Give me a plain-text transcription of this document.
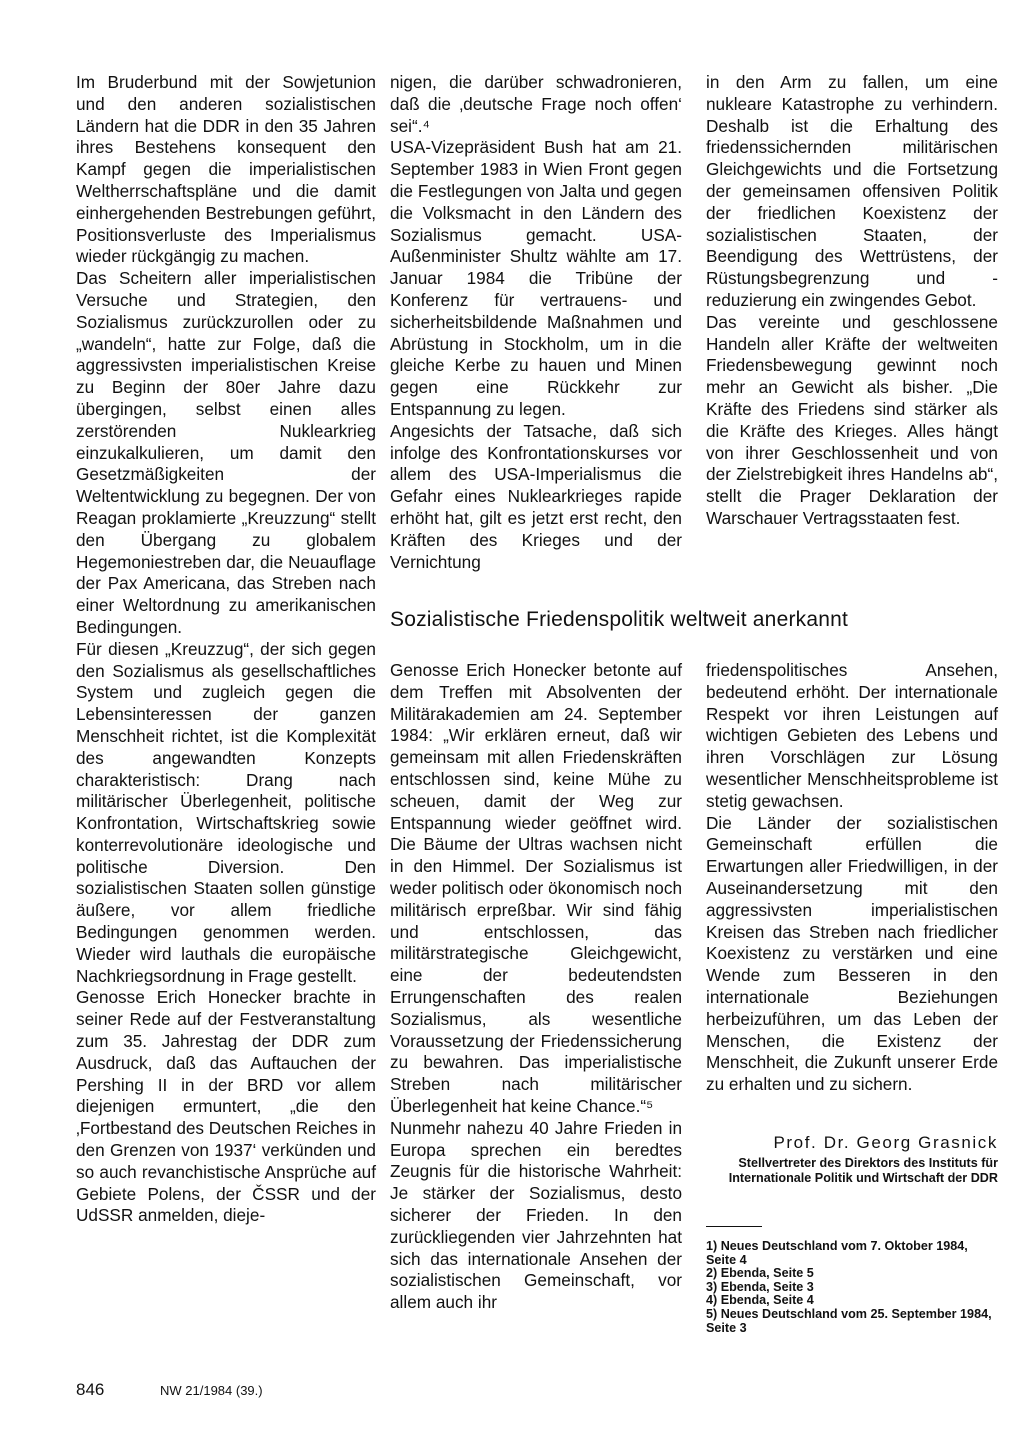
Im Bruderbund mit der Sowjetunion und den anderen sozialistischen Ländern hat die DDR in den 35 Jahren ihres Bestehens konsequent den Kampf gegen die imperialistischen Weltherrschaftspläne und die damit einhergehenden Bestrebungen geführt, Positionsverluste des Imperialismus wieder rückgängig zu machen.

Das Scheitern aller imperialistischen Versuche und Strategien, den Sozialismus zurückzurollen oder zu „wandeln“, hatte zur Folge, daß die aggressivsten imperialistischen Kreise zu Beginn der 80er Jahre dazu übergingen, selbst einen alles zerstörenden Nuklearkrieg einzukalkulieren, um damit den Gesetzmäßigkeiten der Weltentwicklung zu begegnen. Der von Reagan proklamierte „Kreuzzung“ stellt den Übergang zu globalem Hegemoniestreben dar, die Neuauflage der Pax Americana, das Streben nach einer Weltordnung zu amerikanischen Bedingungen.

Für diesen „Kreuzzug“, der sich gegen den Sozialismus als gesellschaftliches System und zugleich gegen die Lebensinteressen der ganzen Menschheit richtet, ist die Komplexität des angewandten Konzepts charakteristisch: Drang nach militärischer Überlegenheit, politische Konfrontation, Wirtschaftskrieg sowie konterrevolutionäre ideologische und politische Diversion. Den sozialistischen Staaten sollen günstige äußere, vor allem friedliche Bedingungen genommen werden. Wieder wird lauthals die europäische Nachkriegsordnung in Frage gestellt.

Genosse Erich Honecker brachte in seiner Rede auf der Festveranstaltung zum 35. Jahrestag der DDR zum Ausdruck, daß das Auftauchen der Pershing II in der BRD vor allem diejenigen ermuntert, „die den ‚Fortbestand des Deutschen Reiches in den Grenzen von 1937‘ verkünden und so auch revanchistische Ansprüche auf Gebiete Polens, der ČSSR und der UdSSR anmelden, dieje-

nigen, die darüber schwadronieren, daß die ‚deutsche Frage noch offen‘ sei“.⁴

USA-Vizepräsident Bush hat am 21. September 1983 in Wien Front gegen die Festlegungen von Jalta und gegen die Volksmacht in den Ländern des Sozialismus gemacht. USA-Außenminister Shultz wählte am 17. Januar 1984 die Tribüne der Konferenz für vertrauens- und sicherheitsbildende Maßnahmen und Abrüstung in Stockholm, um in die gleiche Kerbe zu hauen und Minen gegen eine Rückkehr zur Entspannung zu legen.

Angesichts der Tatsache, daß sich infolge des Konfrontationskurses vor allem des USA-Imperialismus die Gefahr eines Nuklearkrieges rapide erhöht hat, gilt es jetzt erst recht, den Kräften des Krieges und der Vernichtung

in den Arm zu fallen, um eine nukleare Katastrophe zu verhindern. Deshalb ist die Erhaltung des friedenssichernden militärischen Gleichgewichts und die Fortsetzung der gemeinsamen offensiven Politik der friedlichen Koexistenz der sozialistischen Staaten, der Beendigung des Wettrüstens, der Rüstungsbegrenzung und -reduzierung ein zwingendes Gebot.

Das vereinte und geschlossene Handeln aller Kräfte der weltweiten Friedensbewegung gewinnt noch mehr an Gewicht als bisher. „Die Kräfte des Friedens sind stärker als die Kräfte des Krieges. Alles hängt von ihrer Geschlossenheit und von der Zielstrebigkeit ihres Handelns ab“, stellt die Prager Deklaration der Warschauer Vertragsstaaten fest.

Sozialistische Friedenspolitik weltweit anerkannt

Genosse Erich Honecker betonte auf dem Treffen mit Absolventen der Militärakademien am 24. September 1984: „Wir erklären erneut, daß wir gemeinsam mit allen Friedenskräften entschlossen sind, keine Mühe zu scheuen, damit der Weg zur Entspannung wieder geöffnet wird. Die Bäume der Ultras wachsen nicht in den Himmel. Der Sozialismus ist weder politisch oder ökonomisch noch militärisch erpreßbar. Wir sind fähig und entschlossen, das militärstrategische Gleichgewicht, eine der bedeutendsten Errungenschaften des realen Sozialismus, als wesentliche Voraussetzung der Friedenssicherung zu bewahren. Das imperialistische Streben nach militärischer Überlegenheit hat keine Chance.“⁵

Nunmehr nahezu 40 Jahre Frieden in Europa sprechen ein beredtes Zeugnis für die historische Wahrheit: Je stärker der Sozialismus, desto sicherer der Frieden. In den zurückliegenden vier Jahrzehnten hat sich das internationale Ansehen der sozialistischen Gemeinschaft, vor allem auch ihr

friedenspolitisches Ansehen, bedeutend erhöht. Der internationale Respekt vor ihren Leistungen auf wichtigen Gebieten des Lebens und ihren Vorschlägen zur Lösung wesentlicher Menschheitsprobleme ist stetig gewachsen.

Die Länder der sozialistischen Gemeinschaft erfüllen die Erwartungen aller Friedwilligen, in der Auseinandersetzung mit den aggressivsten imperialistischen Kreisen das Streben nach friedlicher Koexistenz zu verstärken und eine Wende zum Besseren in den internationale Beziehungen herbeizuführen, um das Leben der Menschen, die Existenz der Menschheit, die Zukunft unserer Erde zu erhalten und zu sichern.

Prof. Dr. Georg Grasnick

Stellvertreter des Direktors des Instituts für Internationale Politik und Wirtschaft der DDR

1) Neues Deutschland vom 7. Oktober 1984, Seite 4

2) Ebenda, Seite 5

3) Ebenda, Seite 3

4) Ebenda, Seite 4

5) Neues Deutschland vom 25. September 1984, Seite 3

846	NW 21/1984 (39.)
